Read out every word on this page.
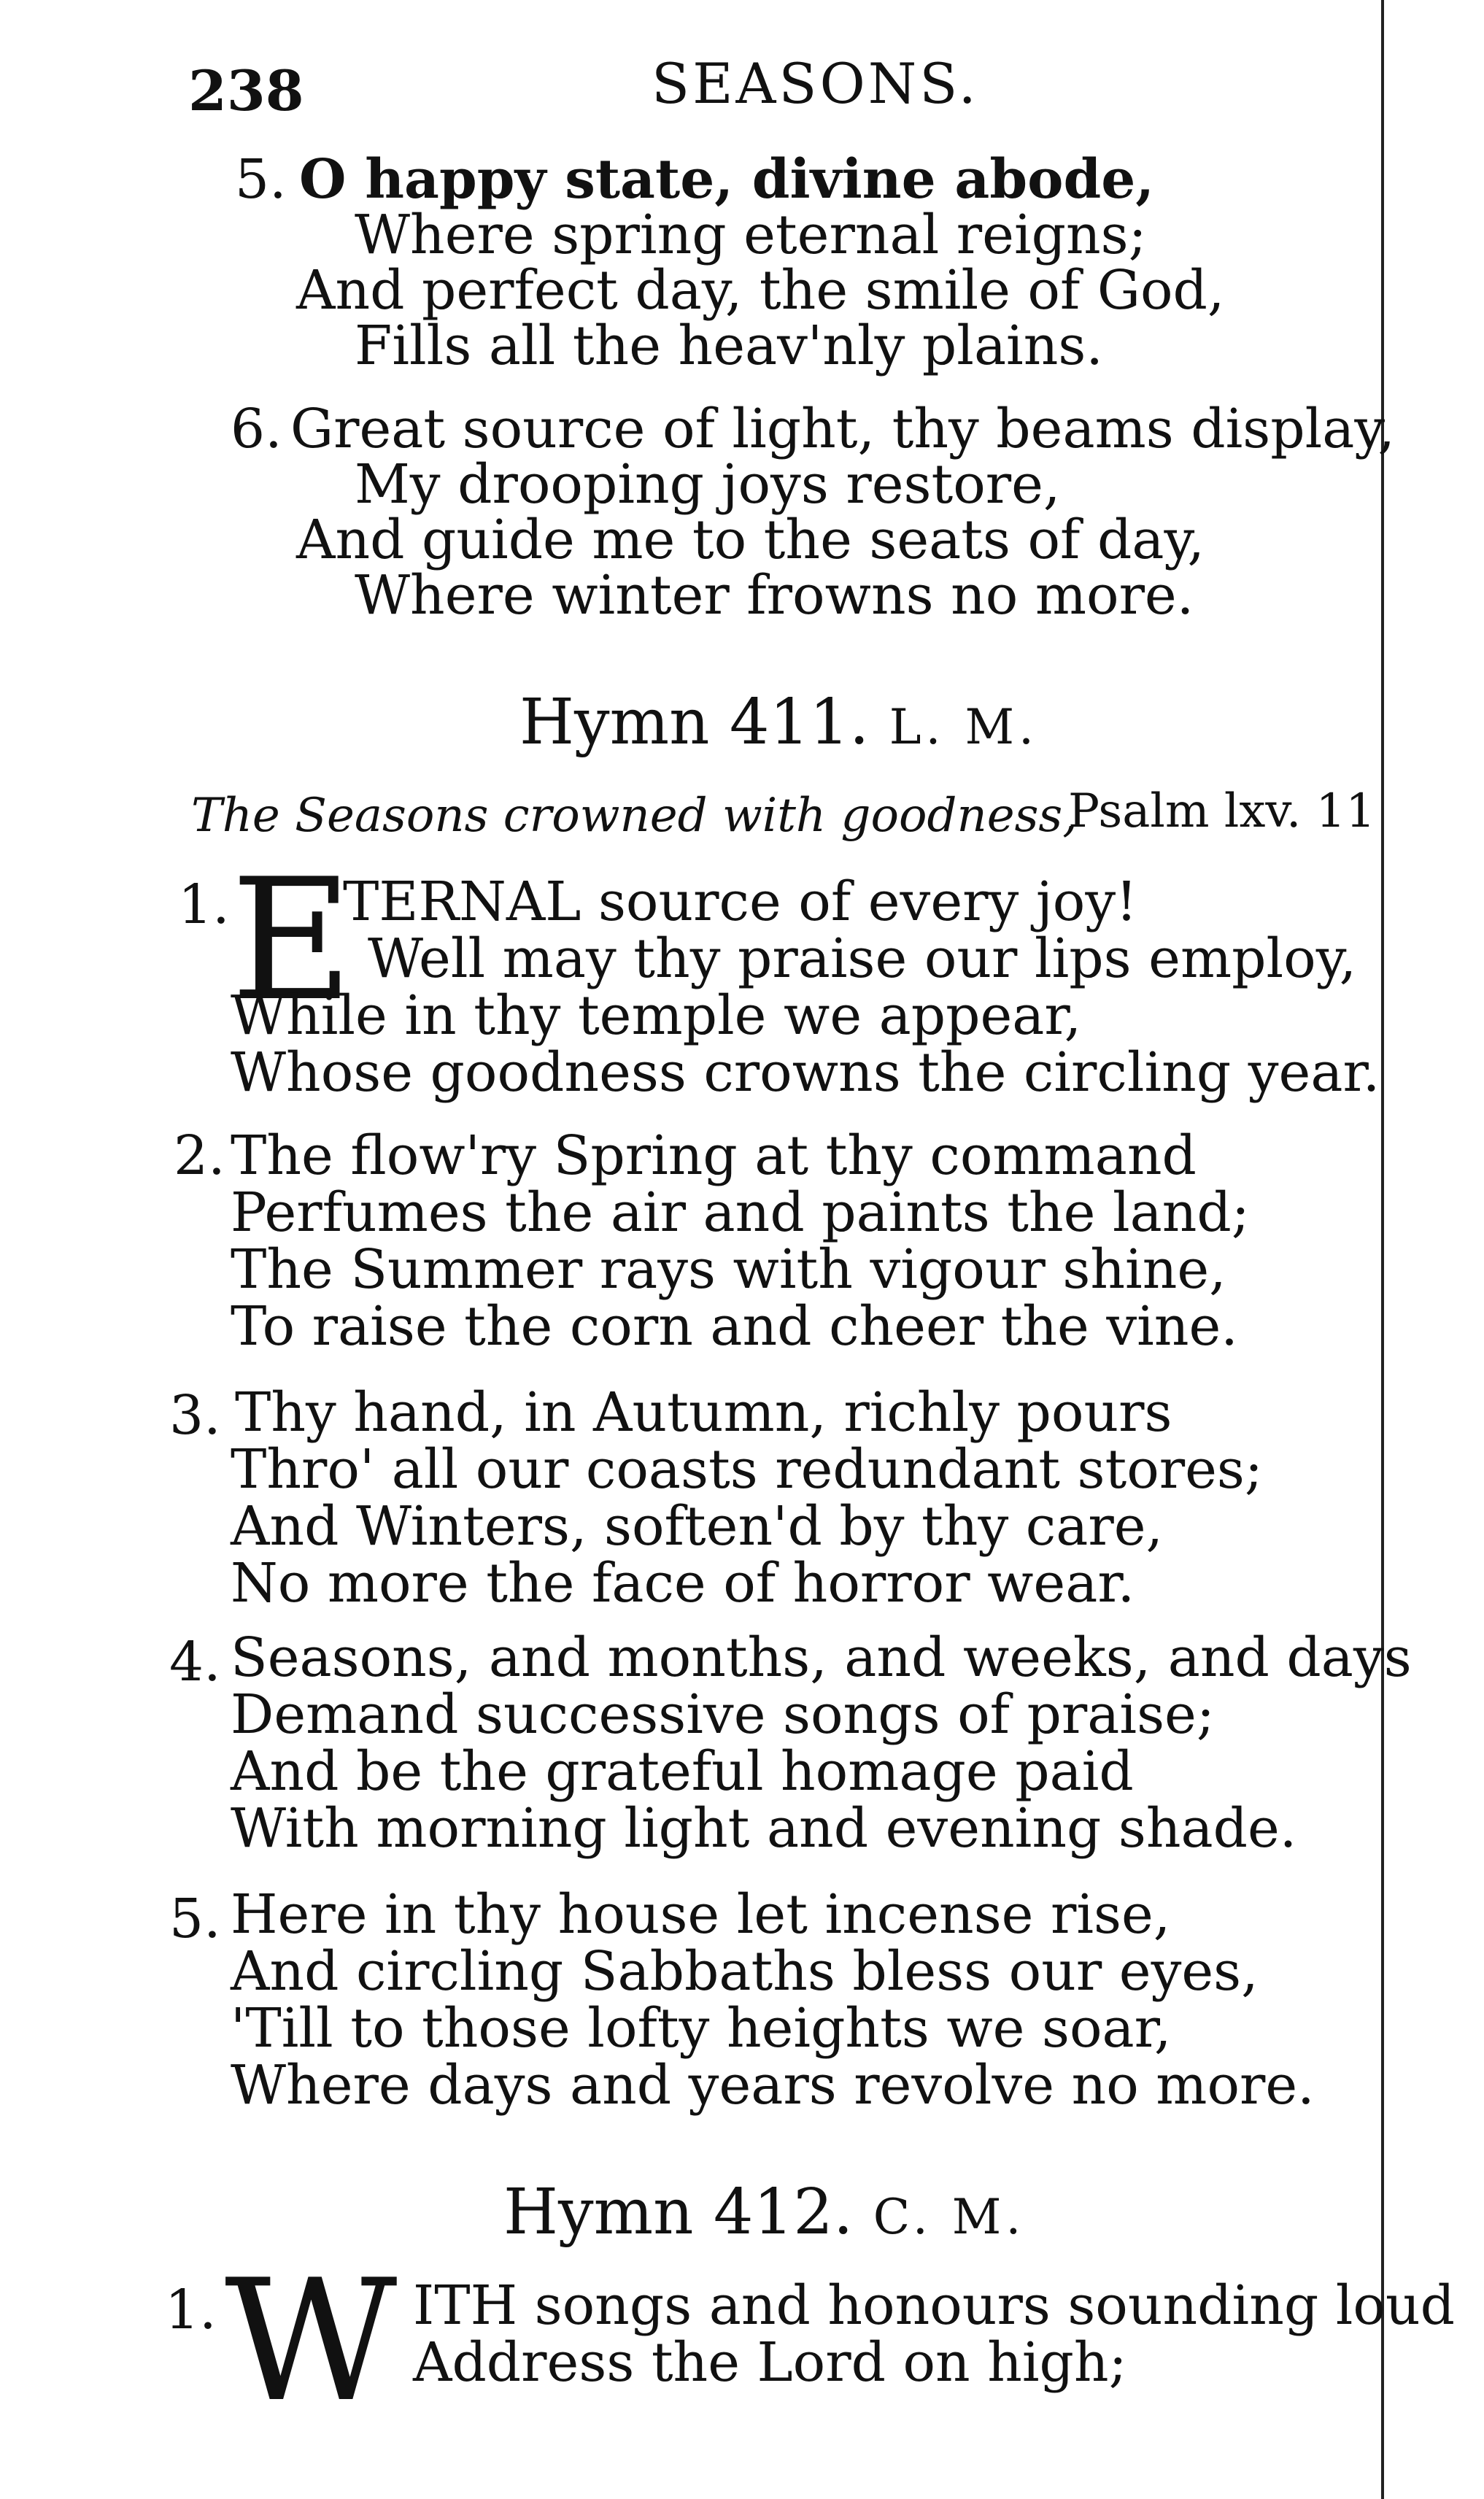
238	SEASONS.
5. O happy state, divine abode,
Where spring eternal reigns;
And perfect day, the smile of God,
Fills all the heav'nly plains.
6. Great source of light, thy beams display,
My drooping joys restore,
And guide me to the seats of day,
Where winter frowns no more.
Hymn 411. L. M.
The Seasons crowned with goodness,
Psalm lxv. 11
1. E
TERNAL source of every joy!
Well may thy praise our lips employ,
While in thy temple we appear,
Whose goodness crowns the circling year.
2. The flow'ry Spring at thy command
Perfumes the air and paints the land;
The Summer rays with vigour shine,
To raise the corn and cheer the vine.
3. Thy hand, in Autumn, richly pours
Thro' all our coasts redundant stores;
And Winters, soften'd by thy care,
No more the face of horror wear.
4. Seasons, and months, and weeks, and days
Demand successive songs of praise;
And be the grateful homage paid
With morning light and evening shade.
5. Here in thy house let incense rise,
And circling Sabbaths bless our eyes,
'Till to those lofty heights we soar,
Where days and years revolve no more.
Hymn 412. C. M.
1. W ITH songs and honours sounding loud
Address the Lord on high;
